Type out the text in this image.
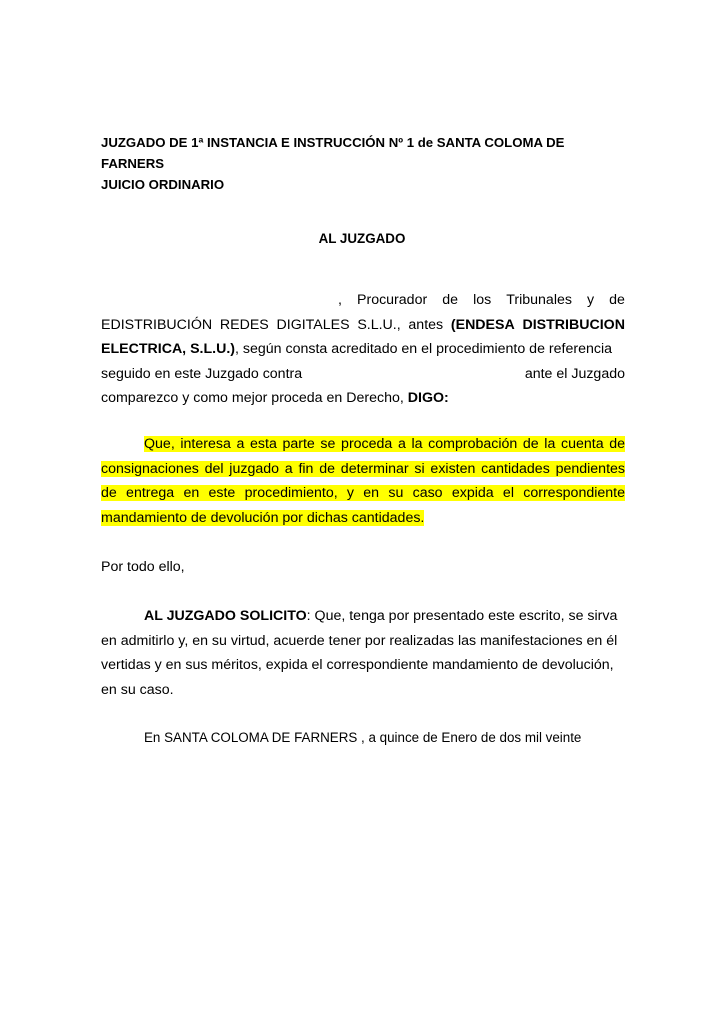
JUZGADO DE 1ª INSTANCIA E INSTRUCCIÓN Nº 1 de SANTA COLOMA DE
FARNERS
JUICIO ORDINARIO
AL JUZGADO
, Procurador de los Tribunales y de
EDISTRIBUCIÓN REDES DIGITALES S.L.U., antes (ENDESA DISTRIBUCION
ELECTRICA, S.L.U.), según consta acreditado en el procedimiento de referencia
seguido en este Juzgado contra	ante el Juzgado
comparezco y como mejor proceda en Derecho, DIGO:
Que, interesa a esta parte se proceda a la comprobación de la cuenta de
consignaciones del juzgado a fin de determinar si existen cantidades pendientes
de entrega en este procedimiento, y en su caso expida el correspondiente
mandamiento de devolución por dichas cantidades.
Por todo ello,
AL JUZGADO SOLICITO: Que, tenga por presentado este escrito, se sirva
en admitirlo y, en su virtud, acuerde tener por realizadas las manifestaciones en él
vertidas y en sus méritos, expida el correspondiente mandamiento de devolución,
en su caso.
En SANTA COLOMA DE FARNERS , a quince de Enero de dos mil veinte
